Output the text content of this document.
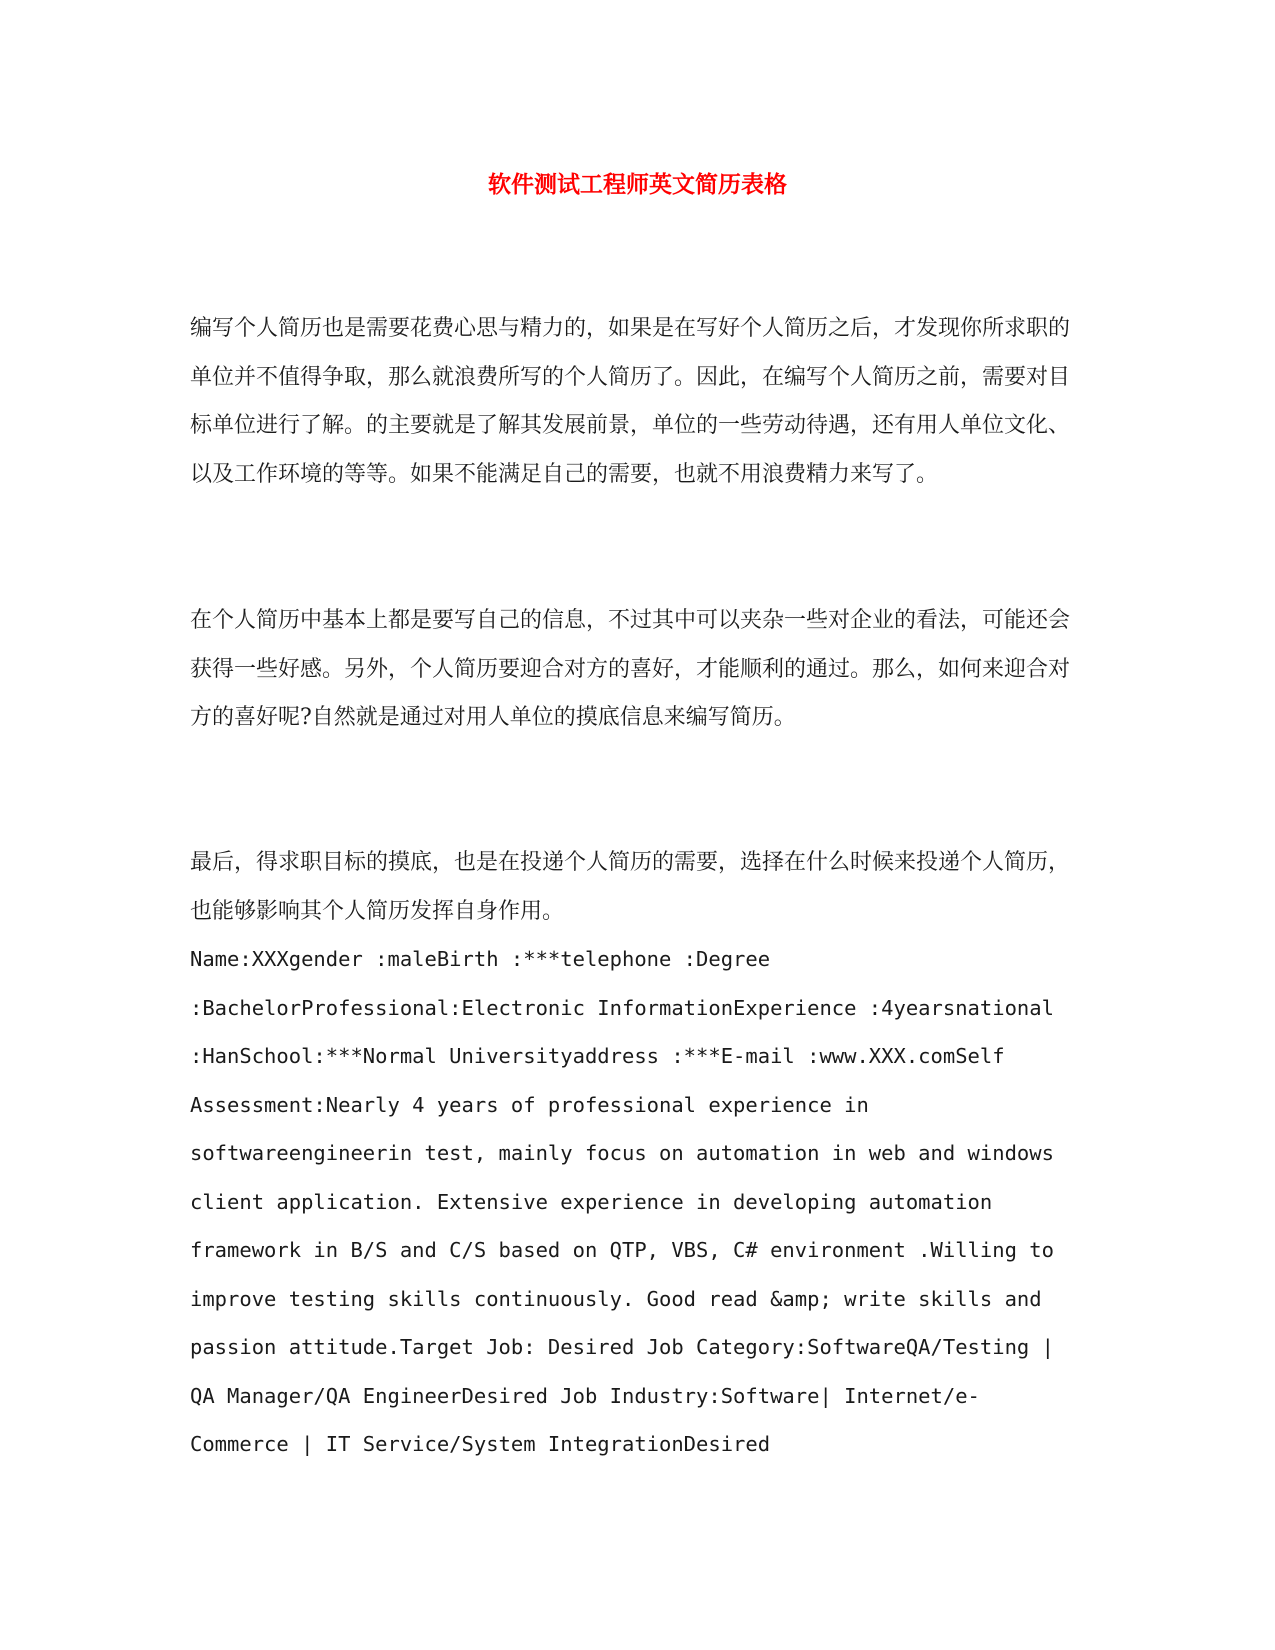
软件测试工程师英文简历表格

编写个人简历也是需要花费心思与精力的，如果是在写好个人简历之后，才发现你所求职的单位并不值得争取，那么就浪费所写的个人简历了。因此，在编写个人简历之前，需要对目标单位进行了解。的主要就是了解其发展前景，单位的一些劳动待遇，还有用人单位文化、以及工作环境的等等。如果不能满足自己的需要，也就不用浪费精力来写了。

在个人简历中基本上都是要写自己的信息，不过其中可以夹杂一些对企业的看法，可能还会获得一些好感。另外，个人简历要迎合对方的喜好，才能顺利的通过。那么，如何来迎合对方的喜好呢?自然就是通过对用人单位的摸底信息来编写简历。

最后，得求职目标的摸底，也是在投递个人简历的需要，选择在什么时候来投递个人简历，也能够影响其个人简历发挥自身作用。

Name:XXXgender :maleBirth :***telephone :Degree
:BachelorProfessional:Electronic InformationExperience :4yearsnational
:HanSchool:***Normal Universityaddress :***E-mail :www.XXX.comSelf
Assessment:Nearly 4 years of professional experience in
softwareengineerin test, mainly focus on automation in web and windows
client application. Extensive experience in developing automation
framework in B/S and C/S based on QTP, VBS, C# environment .Willing to
improve testing skills continuously. Good read &amp; write skills and
passion attitude.Target Job: Desired Job Category:SoftwareQA/Testing |
QA Manager/QA EngineerDesired Job Industry:Software| Internet/e-
Commerce | IT Service/System IntegrationDesired
